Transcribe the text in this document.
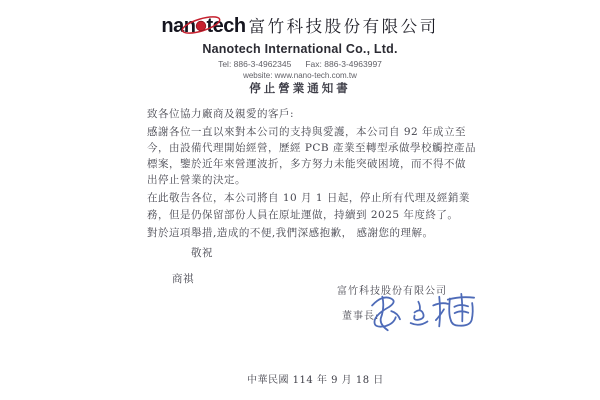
nan tech 富竹科技股份有限公司
Nanotech International Co., Ltd.
Tel: 886-3-4962345 Fax: 886-3-4963997
website: www.nano-tech.com.tw
停止營業通知書
致各位協力廠商及親愛的客戶:
感謝各位一直以來對本公司的支持與愛護，本公司自 92 年成立至
今，由設備代理開始經營，歷經 PCB 產業至轉型承做學校觸控產品
標案，鑒於近年來營運波折，多方努力未能突破困境，而不得不做
出停止營業的決定。
在此敬告各位，本公司將自 10 月 1 日起，停止所有代理及經銷業
務，但是仍保留部份人員在原址運做，持續到 2025 年度終了。
對於這項舉措,造成的不便,我們深感抱歉， 感謝您的理解。
敬祝
商祺
富竹科技股份有限公司
董事長:
中華民國 114 年 9 月 18 日
